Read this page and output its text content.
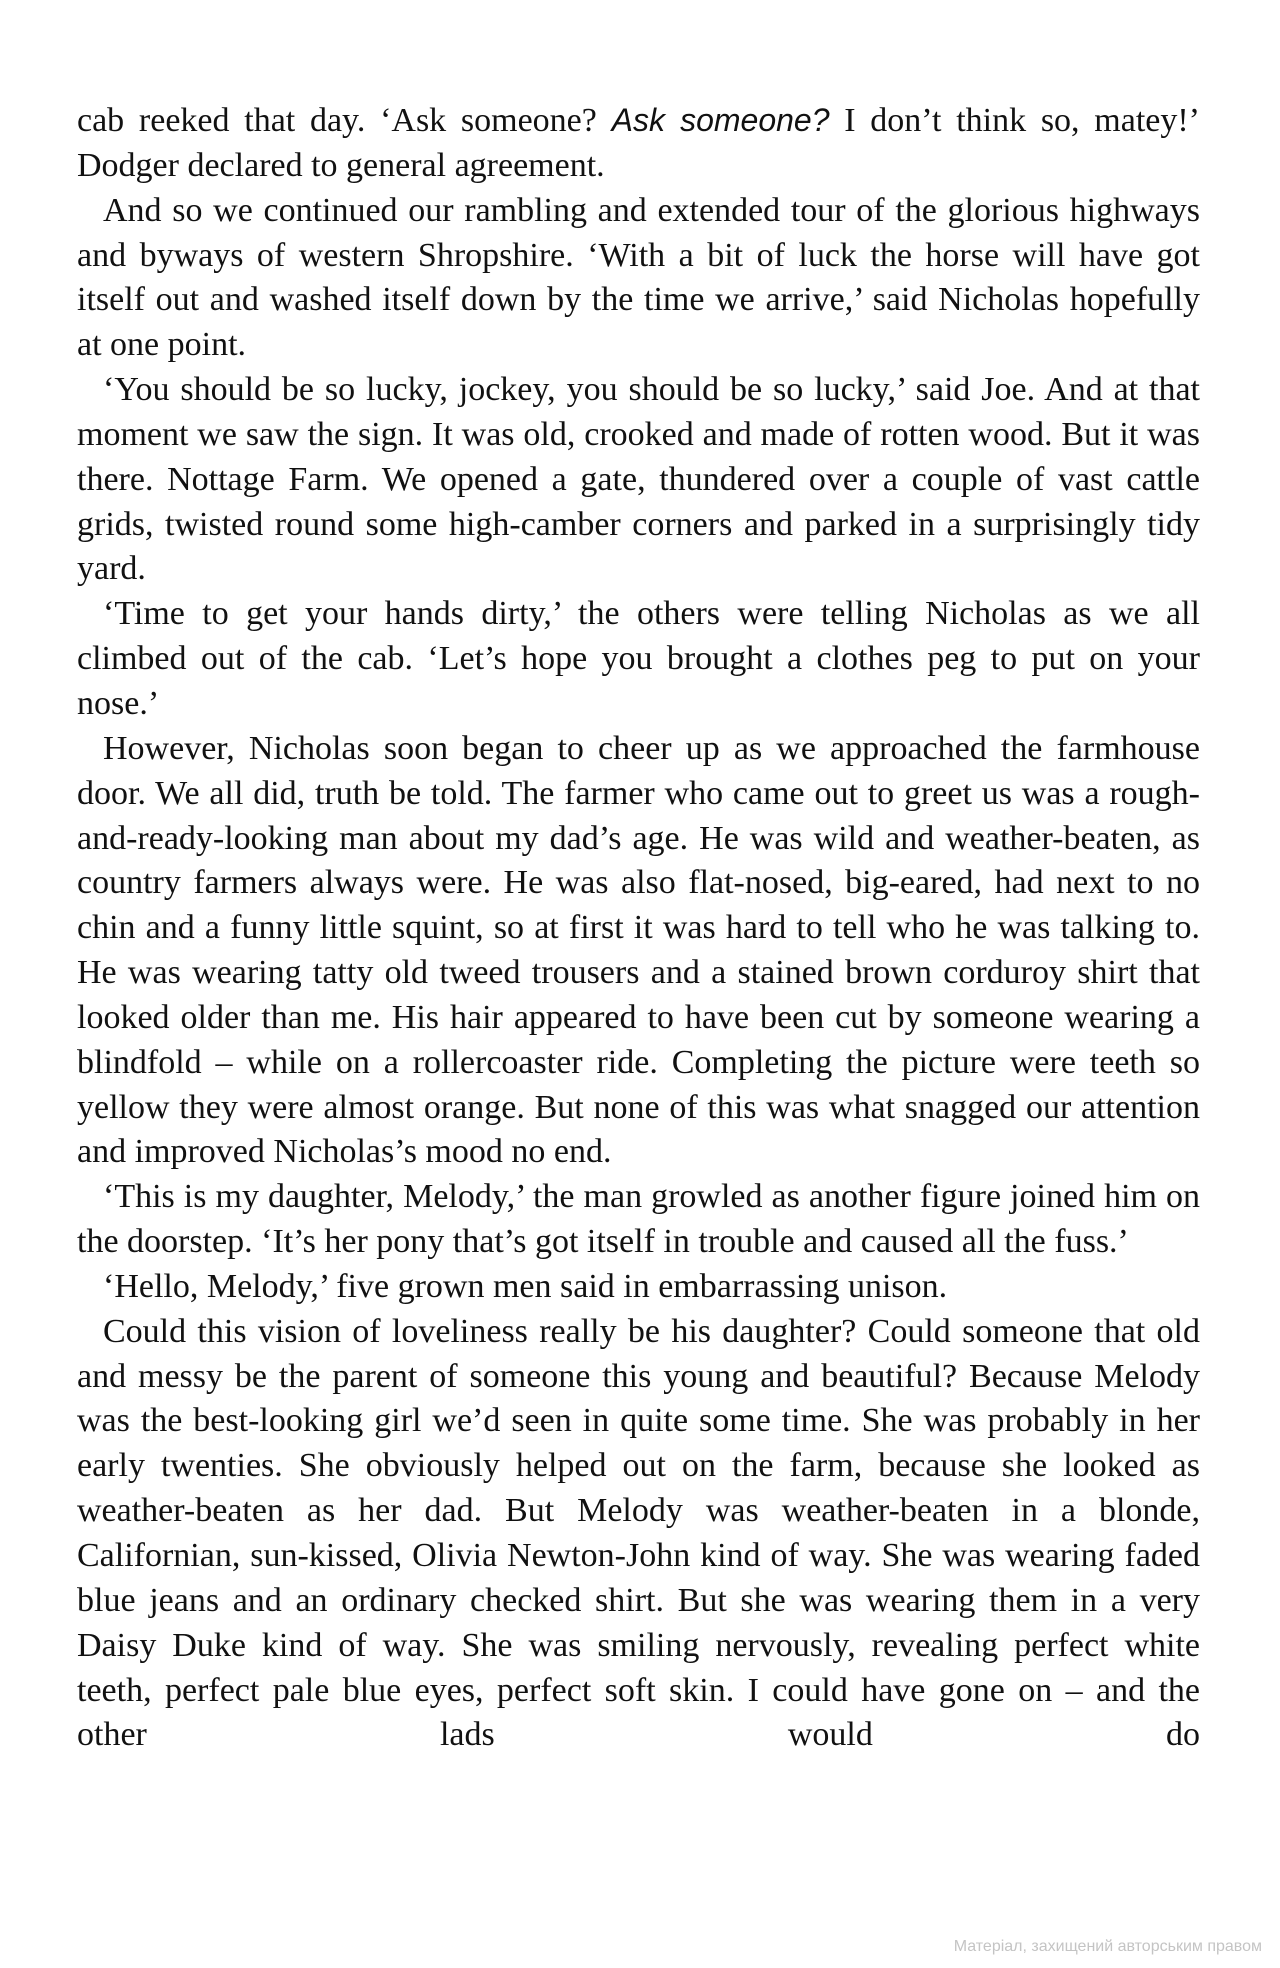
cab reeked that day. ‘Ask someone? Ask someone? I don’t think so, matey!’ Dodger declared to general agreement.

And so we continued our rambling and extended tour of the glorious highways and byways of western Shropshire. ‘With a bit of luck the horse will have got itself out and washed itself down by the time we arrive,’ said Nicholas hopefully at one point.

‘You should be so lucky, jockey, you should be so lucky,’ said Joe. And at that moment we saw the sign. It was old, crooked and made of rotten wood. But it was there. Nottage Farm. We opened a gate, thundered over a couple of vast cattle grids, twisted round some high-camber corners and parked in a surprisingly tidy yard.

‘Time to get your hands dirty,’ the others were telling Nicholas as we all climbed out of the cab. ‘Let’s hope you brought a clothes peg to put on your nose.’

However, Nicholas soon began to cheer up as we approached the farmhouse door. We all did, truth be told. The farmer who came out to greet us was a rough-and-ready-looking man about my dad’s age. He was wild and weather-beaten, as country farmers always were. He was also flat-nosed, big-eared, had next to no chin and a funny little squint, so at first it was hard to tell who he was talking to. He was wearing tatty old tweed trousers and a stained brown corduroy shirt that looked older than me. His hair appeared to have been cut by someone wearing a blindfold – while on a rollercoaster ride. Completing the picture were teeth so yellow they were almost orange. But none of this was what snagged our attention and improved Nicholas’s mood no end.

‘This is my daughter, Melody,’ the man growled as another figure joined him on the doorstep. ‘It’s her pony that’s got itself in trouble and caused all the fuss.’

‘Hello, Melody,’ five grown men said in embarrassing unison.

Could this vision of loveliness really be his daughter? Could someone that old and messy be the parent of someone this young and beautiful? Because Melody was the best-looking girl we’d seen in quite some time. She was probably in her early twenties. She obviously helped out on the farm, because she looked as weather-beaten as her dad. But Melody was weather-beaten in a blonde, Californian, sun-kissed, Olivia Newton-John kind of way. She was wearing faded blue jeans and an ordinary checked shirt. But she was wearing them in a very Daisy Duke kind of way. She was smiling nervously, revealing perfect white teeth, perfect pale blue eyes, perfect soft skin. I could have gone on – and the other lads would do

Матеріал, захищений авторським правом
